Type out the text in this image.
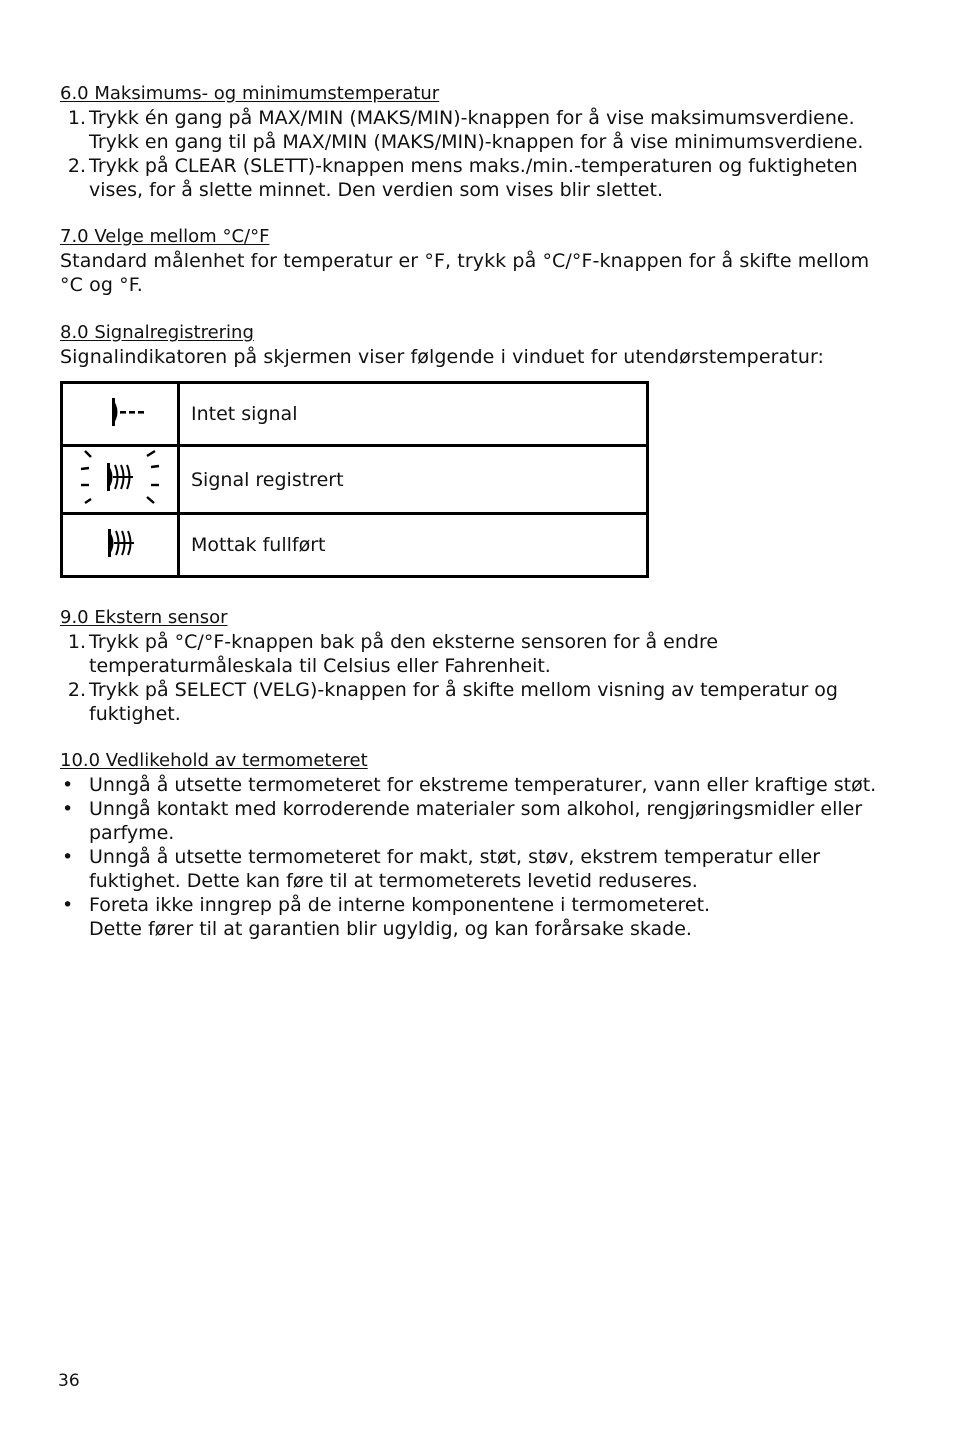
6.0 Maksimums- og minimumstemperatur
1. Trykk én gang på MAX/MIN (MAKS/MIN)-knappen for å vise maksimumsverdiene.
Trykk en gang til på MAX/MIN (MAKS/MIN)-knappen for å vise minimumsverdiene.
2. Trykk på CLEAR (SLETT)-knappen mens maks./min.-temperaturen og fuktigheten
vises, for å slette minnet. Den verdien som vises blir slettet.
7.0 Velge mellom °C/°F

Standard målenhet for temperatur er °F, trykk på °C/°F-knappen for å skifte mellom

°C og °F.

8.0 Signalregistrering

Signalindikatoren på skjermen viser følgende i vinduet for utendørstemperatur:

	Intet signal
	Signal registrert
	Mottak fullført
9.0 Ekstern sensor
1. Trykk på °C/°F-knappen bak på den eksterne sensoren for å endre
temperaturmåleskala til Celsius eller Fahrenheit.
2. Trykk på SELECT (VELG)-knappen for å skifte mellom visning av temperatur og
fuktighet.
10.0 Vedlikehold av termometeret
• Unngå å utsette termometeret for ekstreme temperaturer, vann eller kraftige støt.
• Unngå kontakt med korroderende materialer som alkohol, rengjøringsmidler eller
parfyme.
• Unngå å utsette termometeret for makt, støt, støv, ekstrem temperatur eller
fuktighet. Dette kan føre til at termometerets levetid reduseres.
• Foreta ikke inngrep på de interne komponentene i termometeret.
Dette fører til at garantien blir ugyldig, og kan forårsake skade.
36
